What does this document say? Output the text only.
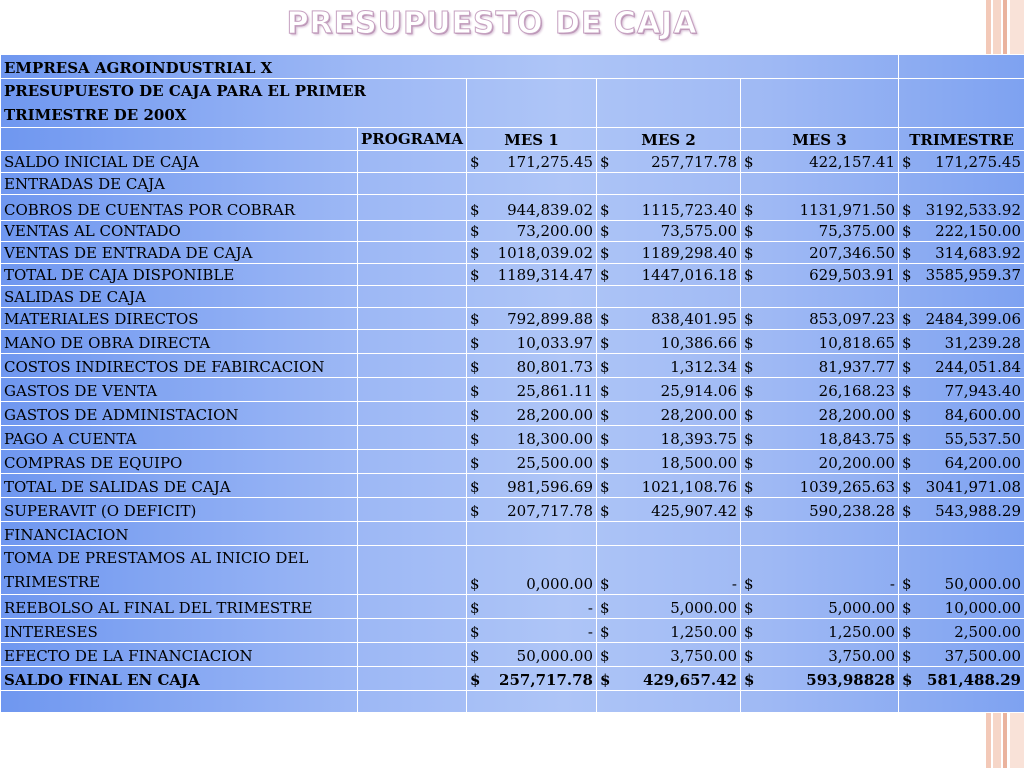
PRESUPUESTO DE CAJA
EMPRESA AGROINDUSTRIAL X					
PRESUPUESTO DE CAJA PARA EL PRIMER TRIMESTRE DE 200X					
	PROGRAMA	MES 1	MES 2	MES 3	TRIMESTRE
SALDO INICIAL DE CAJA		$ 171,275.45	$ 257,717.78	$ 422,157.41	$ 171,275.45

ENTRADAS DE CAJA					
COBROS DE CUENTAS POR COBRAR		$ 944,839.02	$ 1115,723.40	$ 1131,971.50	$ 3192,533.92

VENTAS AL CONTADO		$ 73,200.00	$ 73,575.00	$ 75,375.00	$ 222,150.00

VENTAS DE ENTRADA DE CAJA		$ 1018,039.02	$ 1189,298.40	$ 207,346.50	$ 314,683.92

TOTAL DE CAJA DISPONIBLE		$ 1189,314.47	$ 1447,016.18	$ 629,503.91	$ 3585,959.37

SALIDAS DE CAJA					
MATERIALES DIRECTOS		$ 792,899.88	$ 838,401.95	$ 853,097.23	$ 2484,399.06

MANO DE OBRA DIRECTA		$ 10,033.97	$ 10,386.66	$ 10,818.65	$ 31,239.28

COSTOS INDIRECTOS DE FABIRCACION		$ 80,801.73	$ 1,312.34	$ 81,937.77	$ 244,051.84

GASTOS DE VENTA		$ 25,861.11	$ 25,914.06	$ 26,168.23	$ 77,943.40

GASTOS DE ADMINISTACION		$ 28,200.00	$ 28,200.00	$ 28,200.00	$ 84,600.00

PAGO A CUENTA		$ 18,300.00	$ 18,393.75	$ 18,843.75	$ 55,537.50

COMPRAS DE EQUIPO		$ 25,500.00	$ 18,500.00	$ 20,200.00	$ 64,200.00

TOTAL DE SALIDAS DE CAJA		$ 981,596.69	$ 1021,108.76	$ 1039,265.63	$ 3041,971.08

SUPERAVIT (O DEFICIT)		$ 207,717.78	$ 425,907.42	$ 590,238.28	$ 543,988.29

FINANCIACION					
TOMA DE PRESTAMOS AL INICIO DEL TRIMESTRE		$ 0,000.00	$ -	$ -	$ 50,000.00

REEBOLSO AL FINAL DEL TRIMESTRE		$ -	$ 5,000.00	$ 5,000.00	$ 10,000.00

INTERESES		$ -	$ 1,250.00	$ 1,250.00	$ 2,500.00

EFECTO DE LA FINANCIACION		$ 50,000.00	$ 3,750.00	$ 3,750.00	$ 37,500.00

SALDO FINAL EN CAJA		$ 257,717.78	$ 429,657.42	$ 593,98828	$ 581,488.29
